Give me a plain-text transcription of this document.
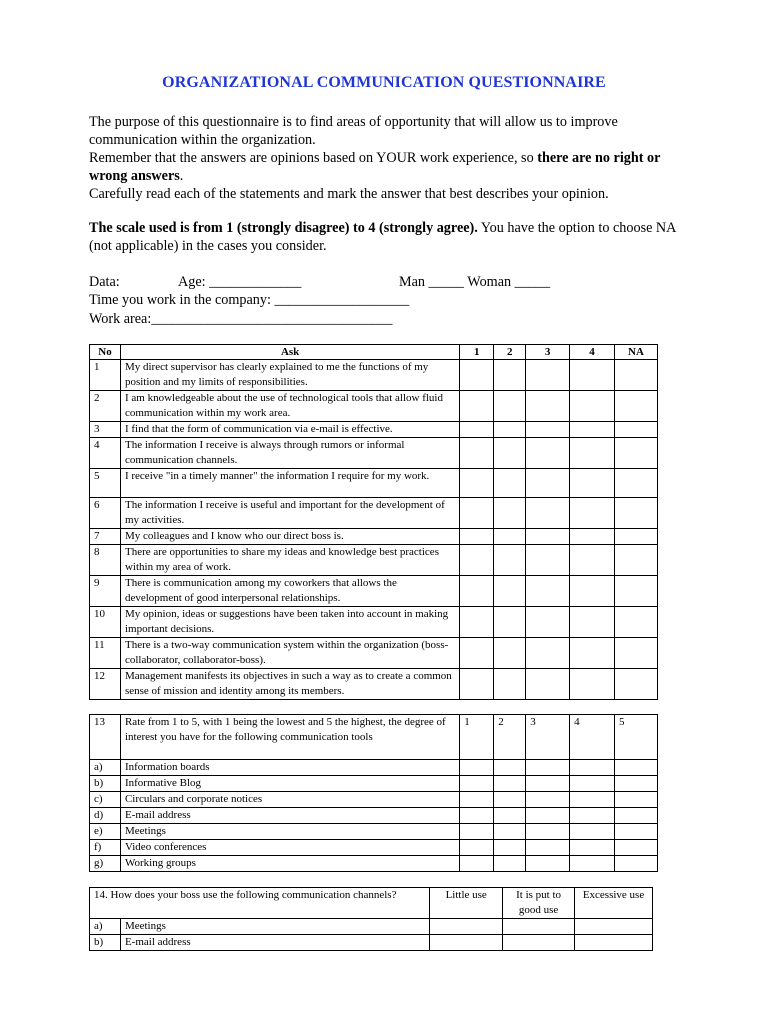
ORGANIZATIONAL COMMUNICATION QUESTIONNAIRE
The purpose of this questionnaire is to find areas of opportunity that will allow us to improve communication within the organization.
Remember that the answers are opinions based on YOUR work experience, so there are no right or wrong answers.
Carefully read each of the statements and mark the answer that best describes your opinion.
The scale used is from 1 (strongly disagree) to 4 (strongly agree). You have the option to choose NA (not applicable) in the cases you consider.
Data:	Age: _____________	Man _____ Woman _____
Time you work in the company: ___________________
Work area:__________________________________
No	Ask	1	2	3	4	NA
1	My direct supervisor has clearly explained to me the functions of my position and my limits of responsibilities.					
2	I am knowledgeable about the use of technological tools that allow fluid communication within my work area.					
3	I find that the form of communication via e-mail is effective.					
4	The information I receive is always through rumors or informal communication channels.					
5	I receive "in a timely manner" the information I require for my work.					
6	The information I receive is useful and important for the development of my activities.					
7	My colleagues and I know who our direct boss is.					
8	There are opportunities to share my ideas and knowledge best practices within my area of work.					
9	There is communication among my coworkers that allows the development of good interpersonal relationships.					
10	My opinion, ideas or suggestions have been taken into account in making important decisions.					
11	There is a two-way communication system within the organization (boss-collaborator, collaborator-boss).					
12	Management manifests its objectives in such a way as to create a common sense of mission and identity among its members.					
13	Rate from 1 to 5, with 1 being the lowest and 5 the highest, the degree of interest you have for the following communication tools	1	2	3	4	5
a)	Information boards					
b)	Informative Blog					
c)	Circulars and corporate notices					
d)	E-mail address					
e)	Meetings					
f)	Video conferences					
g)	Working groups					
14. How does your boss use the following communication channels?		Little use	It is put to good use	Excessive use
a)	Meetings			
b)	E-mail address			
